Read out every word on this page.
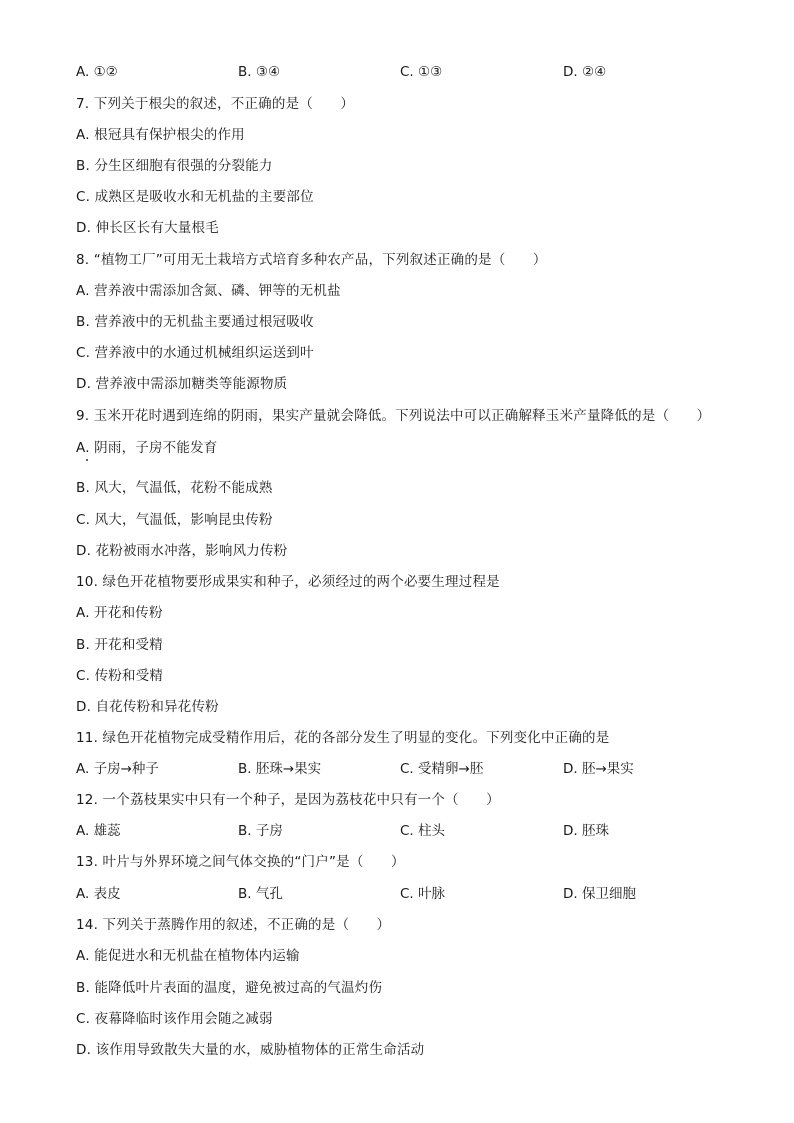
A. ①②	B. ③④	C. ①③	D. ②④
7. 下列关于根尖的叙述，不正确的是（　　）
A. 根冠具有保护根尖的作用
B. 分生区细胞有很强的分裂能力
C. 成熟区是吸收水和无机盐的主要部位
D. 伸长区长有大量根毛
8. “植物工厂”可用无土栽培方式培育多种农产品，下列叙述正确的是（　　）
A. 营养液中需添加含氮、磷、钾等的无机盐
B. 营养液中的无机盐主要通过根冠吸收
C. 营养液中的水通过机械组织运送到叶
D. 营养液中需添加糖类等能源物质
9. 玉米开花时遇到连绵的阴雨，果实产量就会降低。下列说法中可以正确解释玉米产量降低的是（　　）
A. 阴雨，子房不能发育
B. 风大，气温低，花粉不能成熟
C. 风大，气温低，影响昆虫传粉
D. 花粉被雨水冲落，影响风力传粉
10. 绿色开花植物要形成果实和种子，必须经过的两个必要生理过程是
A. 开花和传粉
B. 开花和受精
C. 传粉和受精
D. 自花传粉和异花传粉
11. 绿色开花植物完成受精作用后，花的各部分发生了明显的变化。下列变化中正确的是
A. 子房→种子	B. 胚珠→果实	C. 受精卵→胚	D. 胚→果实
12. 一个荔枝果实中只有一个种子，是因为荔枝花中只有一个（　　）
A. 雄蕊	B. 子房	C. 柱头	D. 胚珠
13. 叶片与外界环境之间气体交换的“门户”是（　　）
A. 表皮	B. 气孔	C. 叶脉	D. 保卫细胞
14. 下列关于蒸腾作用的叙述，不正确的是（　　）
A. 能促进水和无机盐在植物体内运输
B. 能降低叶片表面的温度，避免被过高的气温灼伤
C. 夜幕降临时该作用会随之减弱
D. 该作用导致散失大量的水，威胁植物体的正常生命活动
